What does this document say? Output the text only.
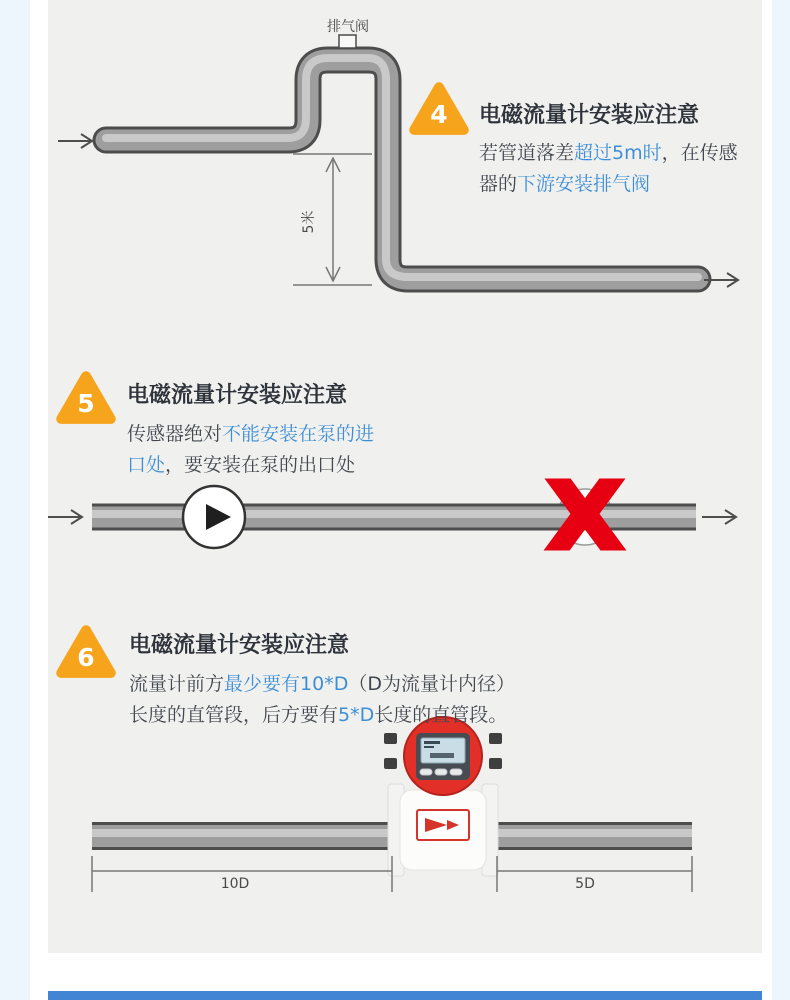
排气阀
5米
4	电磁流量计安装应注意
若管道落差超过5m时，在传感器的下游安装排气阀
5	电磁流量计安装应注意
传感器绝对不能安装在泵的进口处，要安装在泵的出口处	X
6	电磁流量计安装应注意
流量计前方最少要有10*D（D为流量计内径）长度的直管段，后方要有5*D长度的直管段。
10D	5D
